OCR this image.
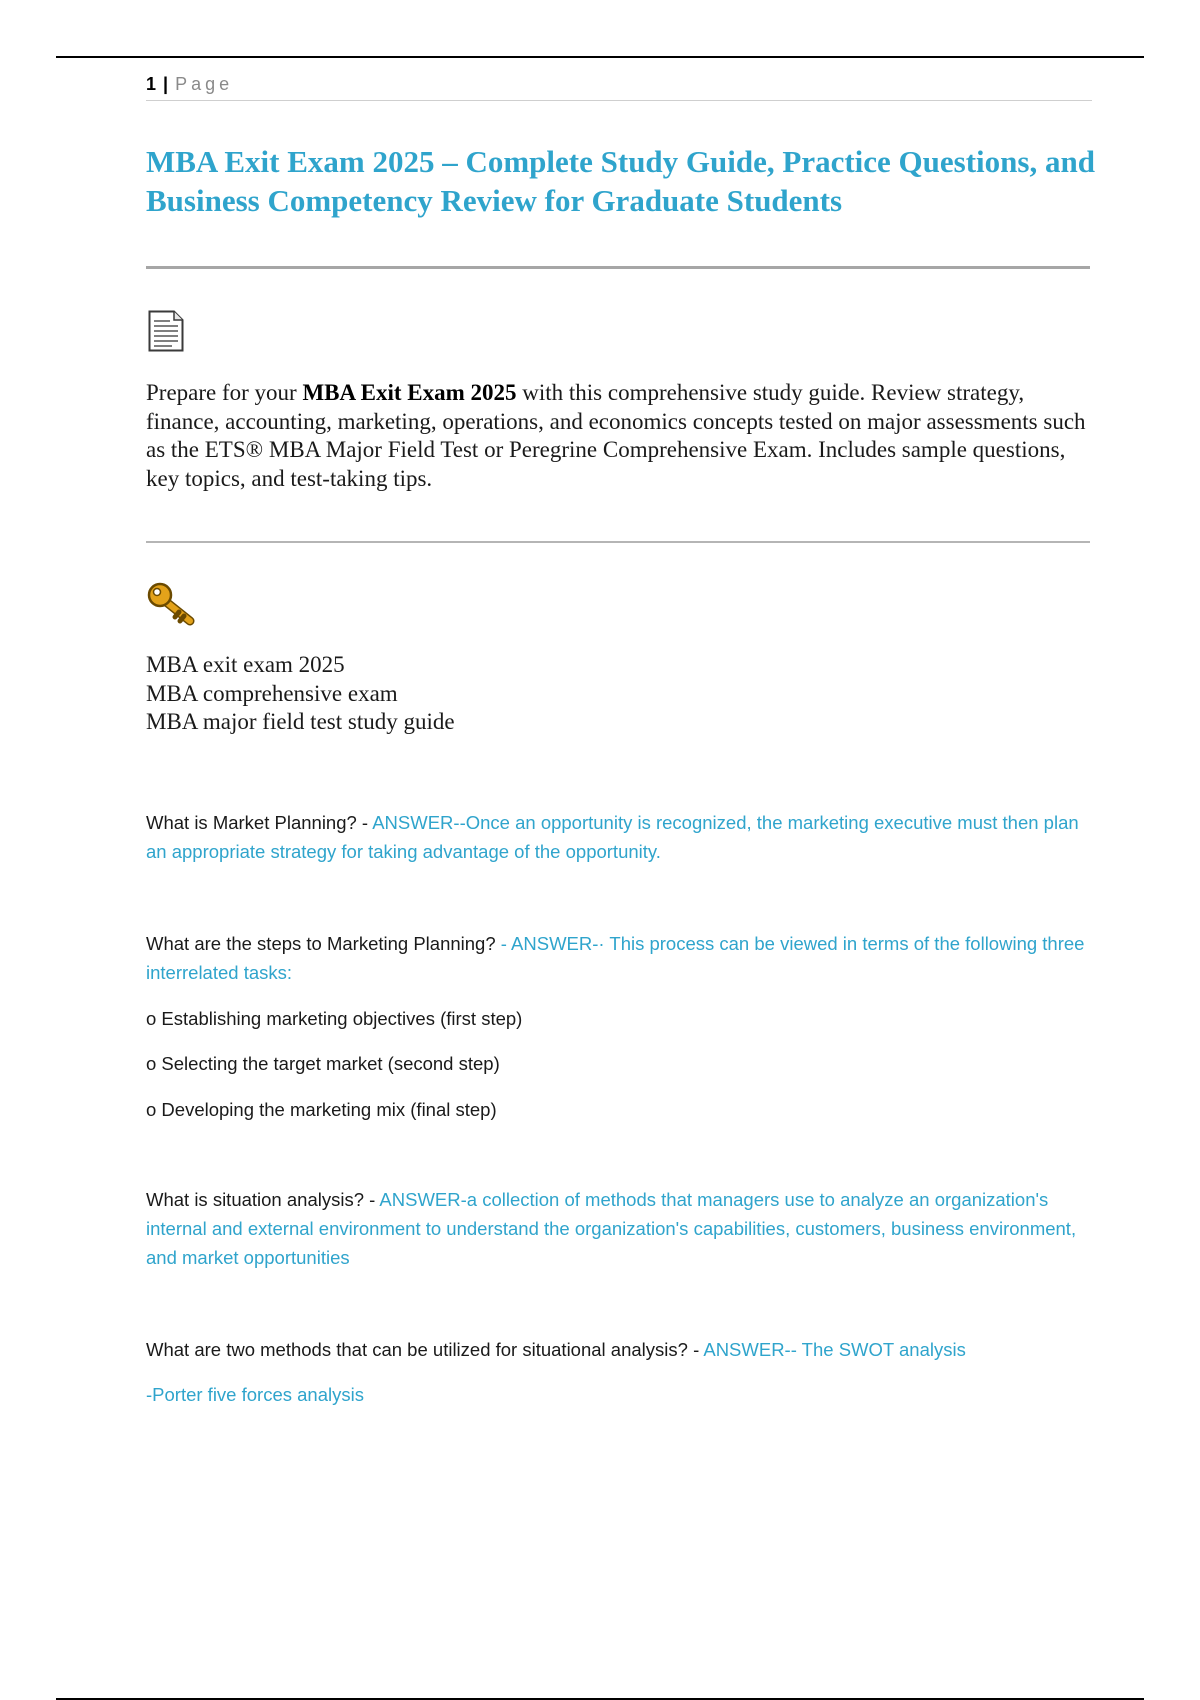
1 | Page
MBA Exit Exam 2025 – Complete Study Guide, Practice Questions, and Business Competency Review for Graduate Students

Prepare for your MBA Exit Exam 2025 with this comprehensive study guide. Review strategy, finance, accounting, marketing, operations, and economics concepts tested on major assessments such as the ETS® MBA Major Field Test or Peregrine Comprehensive Exam. Includes sample questions, key topics, and test-taking tips.

MBA exit exam 2025
MBA comprehensive exam
MBA major field test study guide

What is Market Planning? - ANSWER--Once an opportunity is recognized, the marketing executive must then plan an appropriate strategy for taking advantage of the opportunity.

What are the steps to Marketing Planning? - ANSWER-· This process can be viewed in terms of the following three interrelated tasks:

o Establishing marketing objectives (first step)

o Selecting the target market (second step)

o Developing the marketing mix (final step)

What is situation analysis? - ANSWER-a collection of methods that managers use to analyze an organization's internal and external environment to understand the organization's capabilities, customers, business environment, and market opportunities

What are two methods that can be utilized for situational analysis? - ANSWER-- The SWOT analysis

-Porter five forces analysis
